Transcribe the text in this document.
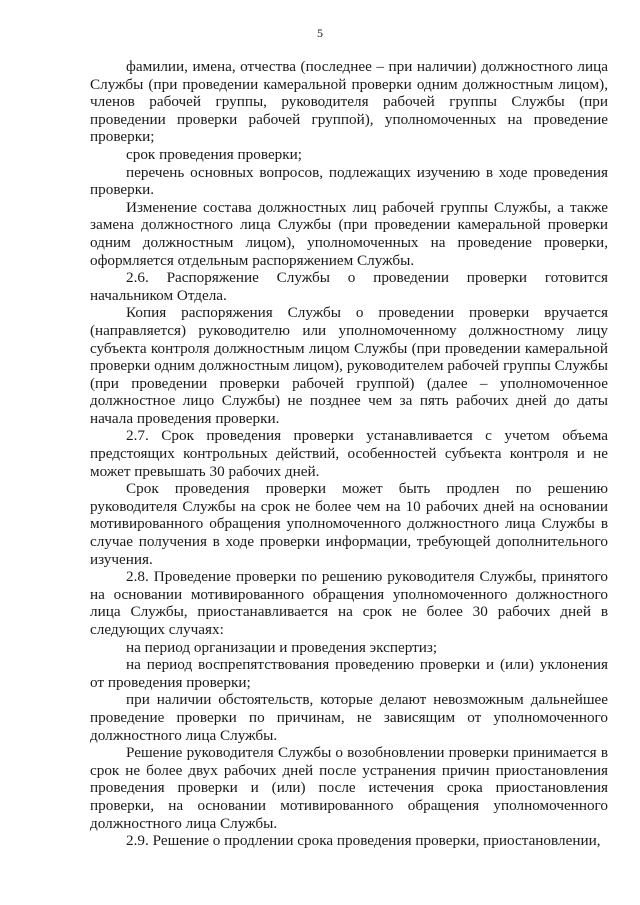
5

фамилии, имена, отчества (последнее – при наличии) должностного лица Службы (при проведении камеральной проверки одним должностным лицом), членов рабочей группы, руководителя рабочей группы Службы (при проведении проверки рабочей группой), уполномоченных на проведение проверки;

срок проведения проверки;

перечень основных вопросов, подлежащих изучению в ходе проведения проверки.

Изменение состава должностных лиц рабочей группы Службы, а также замена должностного лица Службы (при проведении камеральной проверки одним должностным лицом), уполномоченных на проведение проверки, оформляется отдельным распоряжением Службы.

2.6. Распоряжение Службы о проведении проверки готовится начальником Отдела.

Копия распоряжения Службы о проведении проверки вручается (направляется) руководителю или уполномоченному должностному лицу субъекта контроля должностным лицом Службы (при проведении камеральной проверки одним должностным лицом), руководителем рабочей группы Службы (при проведении проверки рабочей группой) (далее – уполномоченное должностное лицо Службы) не позднее чем за пять рабочих дней до даты начала проведения проверки.

2.7. Срок проведения проверки устанавливается с учетом объема предстоящих контрольных действий, особенностей субъекта контроля и не может превышать 30 рабочих дней.

Срок проведения проверки может быть продлен по решению руководителя Службы на срок не более чем на 10 рабочих дней на основании мотивированного обращения уполномоченного должностного лица Службы в случае получения в ходе проверки информации, требующей дополнительного изучения.

2.8. Проведение проверки по решению руководителя Службы, принятого на основании мотивированного обращения уполномоченного должностного лица Службы, приостанавливается на срок не более 30 рабочих дней в следующих случаях:

на период организации и проведения экспертиз;

на период воспрепятствования проведению проверки и (или) уклонения от проведения проверки;

при наличии обстоятельств, которые делают невозможным дальнейшее проведение проверки по причинам, не зависящим от уполномоченного должностного лица Службы.

Решение руководителя Службы о возобновлении проверки принимается в срок не более двух рабочих дней после устранения причин приостановления проведения проверки и (или) после истечения срока приостановления проверки, на основании мотивированного обращения уполномоченного должностного лица Службы.

2.9. Решение о продлении срока проведения проверки, приостановлении,
